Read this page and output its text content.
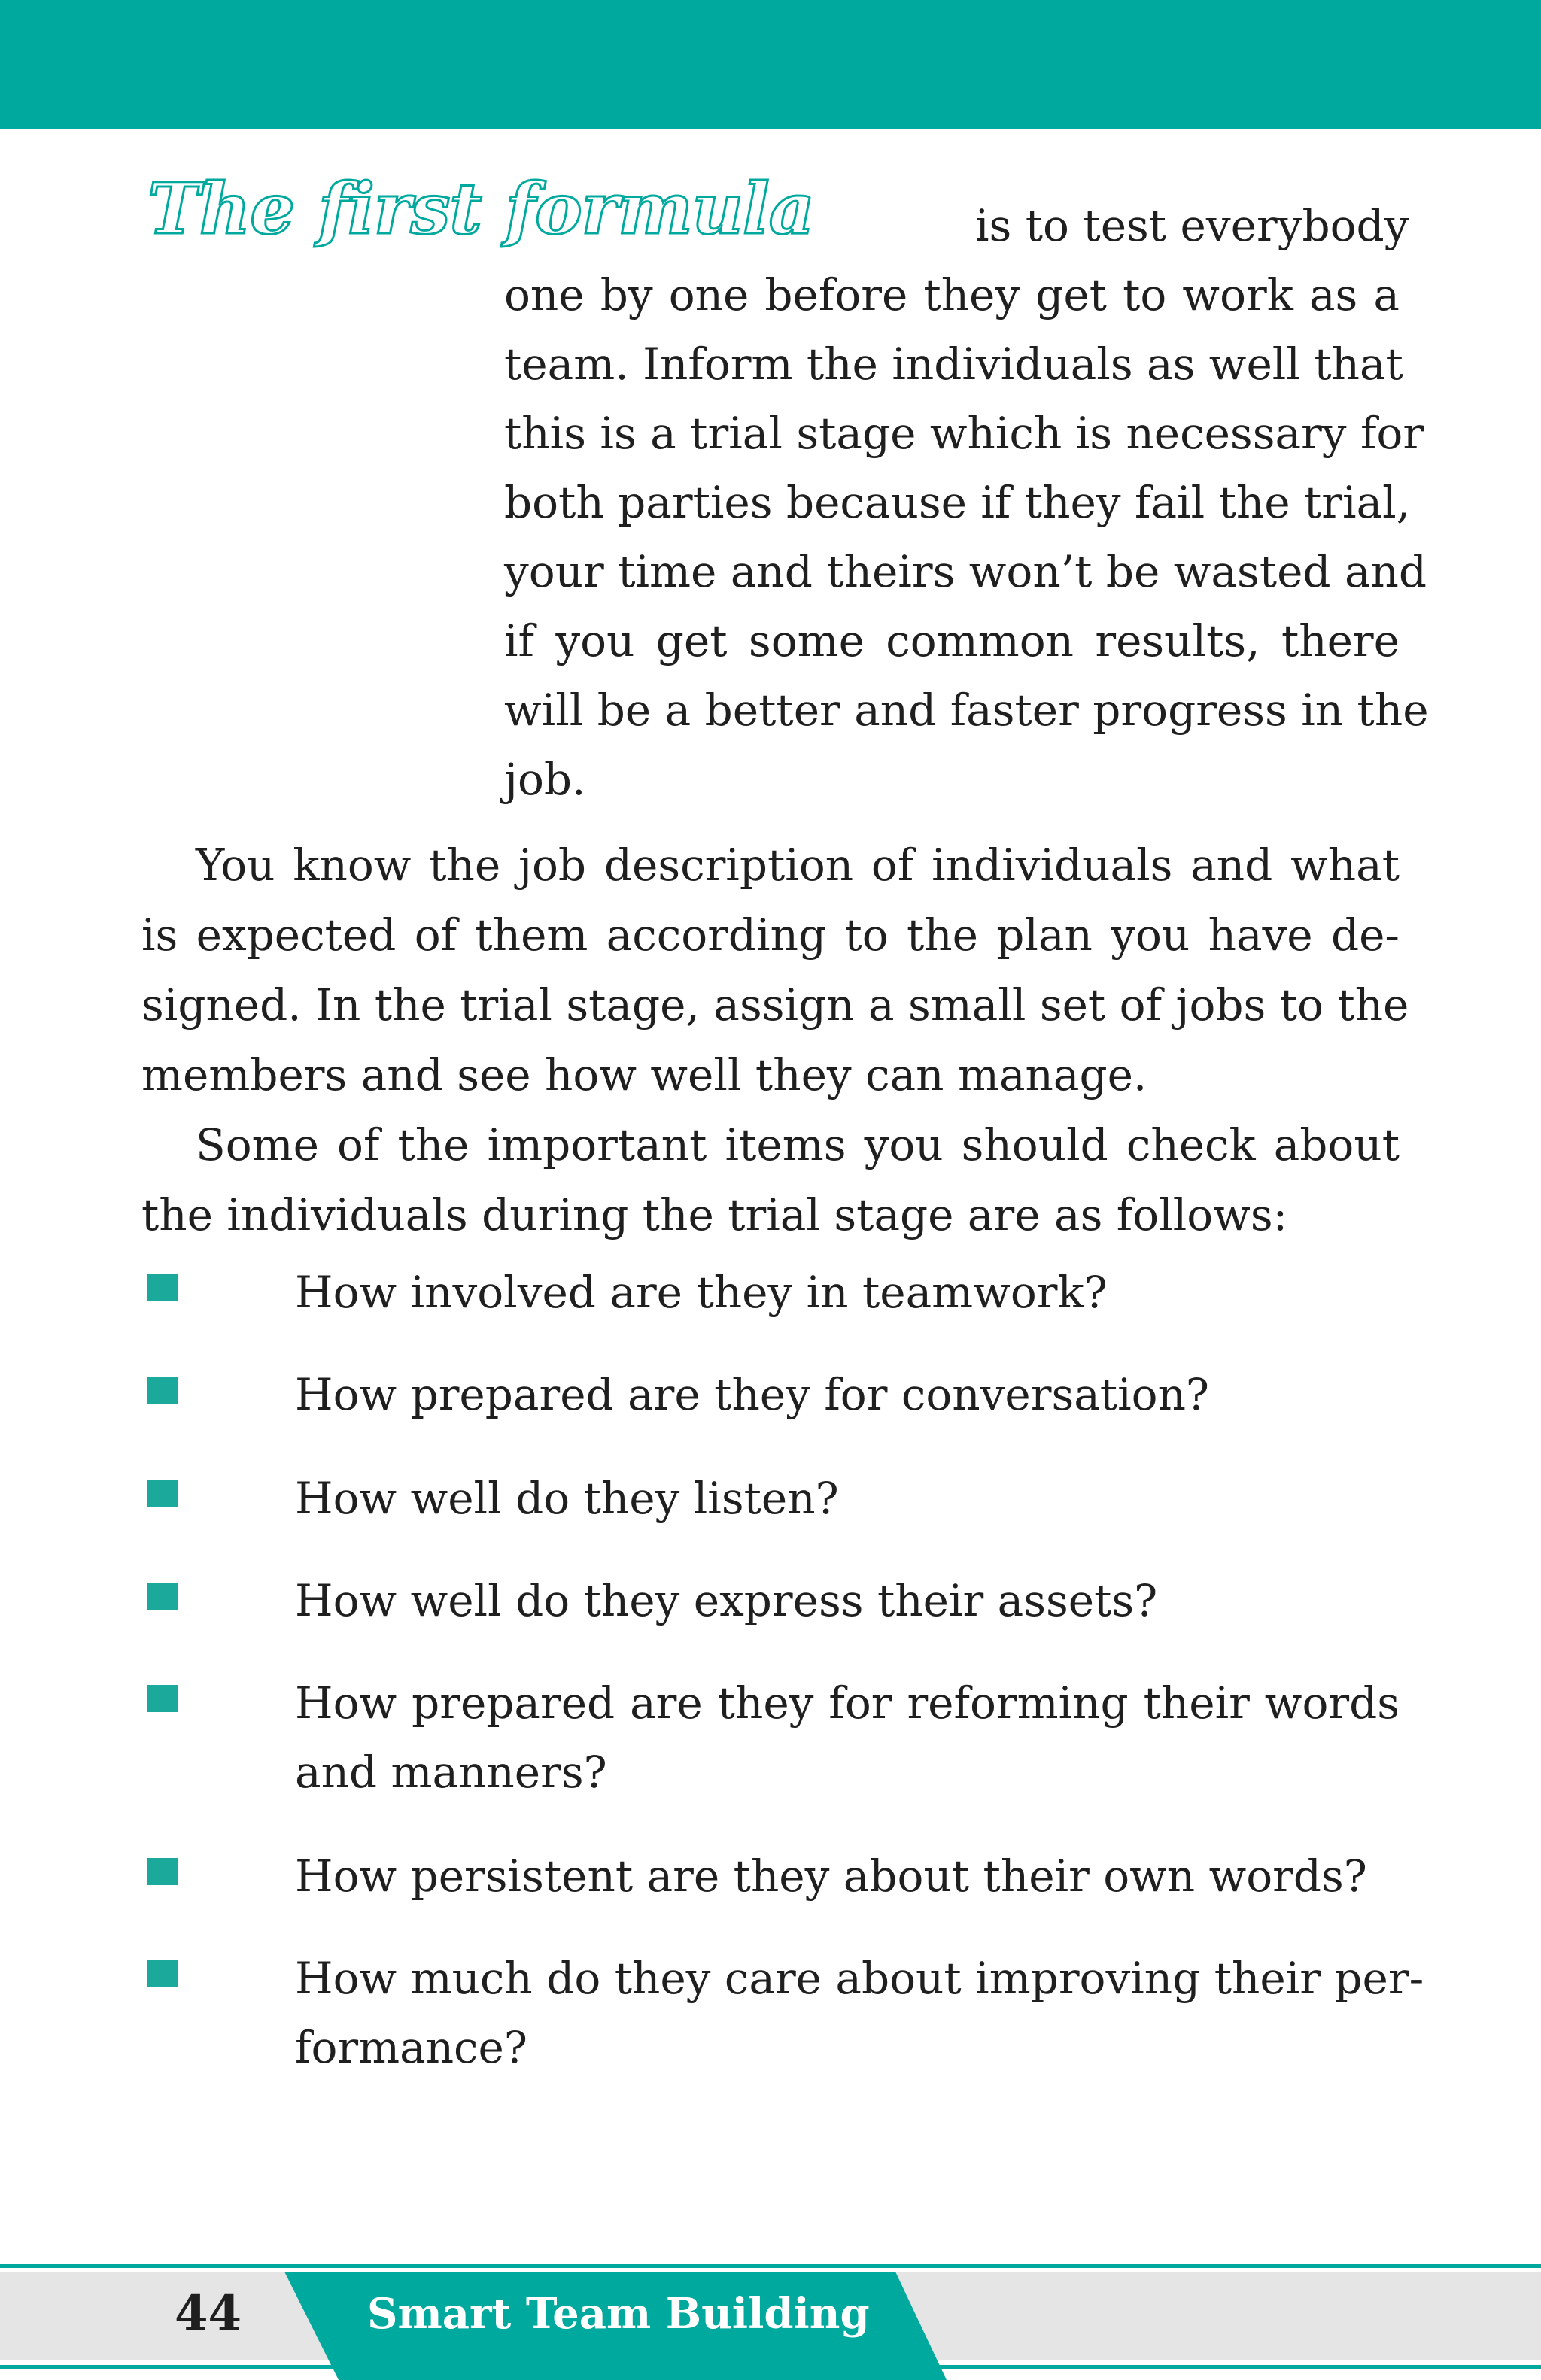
The first formula	is to test everybody
one by one before they get to work as a
team. Inform the individuals as well that
this is a trial stage which is necessary for
both parties because if they fail the trial,
your time and theirs won’t be wasted and
if you get some common results, there
will be a better and faster progress in the
job.
You know the job description of individuals and what
is expected of them according to the plan you have de-
signed. In the trial stage, assign a small set of jobs to the
members and see how well they can manage.
Some of the important items you should check about
the individuals during the trial stage are as follows:
How involved are they in teamwork?
How prepared are they for conversation?
How well do they listen?
How well do they express their assets?
How prepared are they for reforming their words
and manners?
How persistent are they about their own words?
How much do they care about improving their per-
formance?
44	Smart Team Building
